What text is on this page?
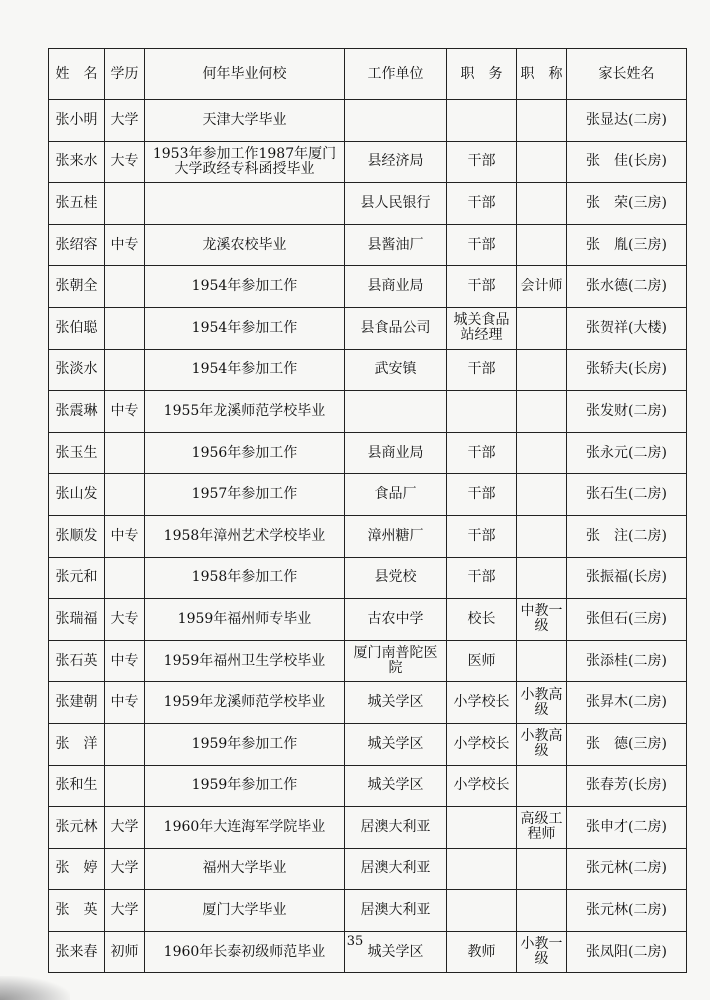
姓　名	学历	何年毕业何校	工作单位	职　务	职　称	家长姓名
张小明	大学	天津大学毕业				张显达(二房)
张来水	大专	1953年参加工作1987年厦门大学政经专科函授毕业	县经济局	干部		张　佳(长房)
张五桂			县人民银行	干部		张　荣(三房)
张绍容	中专	龙溪农校毕业	县酱油厂	干部		张　胤(三房)
张朝全		1954年参加工作	县商业局	干部	会计师	张水德(二房)
张伯聪		1954年参加工作	县食品公司	城关食品站经理		张贺祥(大楼)
张淡水		1954年参加工作	武安镇	干部		张轿夫(长房)
张震琳	中专	1955年龙溪师范学校毕业				张发财(二房)
张玉生		1956年参加工作	县商业局	干部		张永元(二房)
张山发		1957年参加工作	食品厂	干部		张石生(二房)
张顺发	中专	1958年漳州艺术学校毕业	漳州糖厂	干部		张　注(二房)
张元和		1958年参加工作	县党校	干部		张振福(长房)
张瑞福	大专	1959年福州师专毕业	古农中学	校长	中教一级	张但石(三房)
张石英	中专	1959年福州卫生学校毕业	厦门南普陀医院	医师		张添桂(二房)
张建朝	中专	1959年龙溪师范学校毕业	城关学区	小学校长	小教高级	张昇木(二房)
张　洋		1959年参加工作	城关学区	小学校长	小教高级	张　德(三房)
张和生		1959年参加工作	城关学区	小学校长		张春芳(长房)
张元林	大学	1960年大连海军学院毕业	居澳大利亚		高级工程师	张申才(二房)
张　婷	大学	福州大学毕业	居澳大利亚			张元林(二房)
张　英	大学	厦门大学毕业	居澳大利亚			张元林(二房)
张来春	初师	1960年长泰初级师范毕业	城关学区	教师	小教一级	张凤阳(二房)
35
